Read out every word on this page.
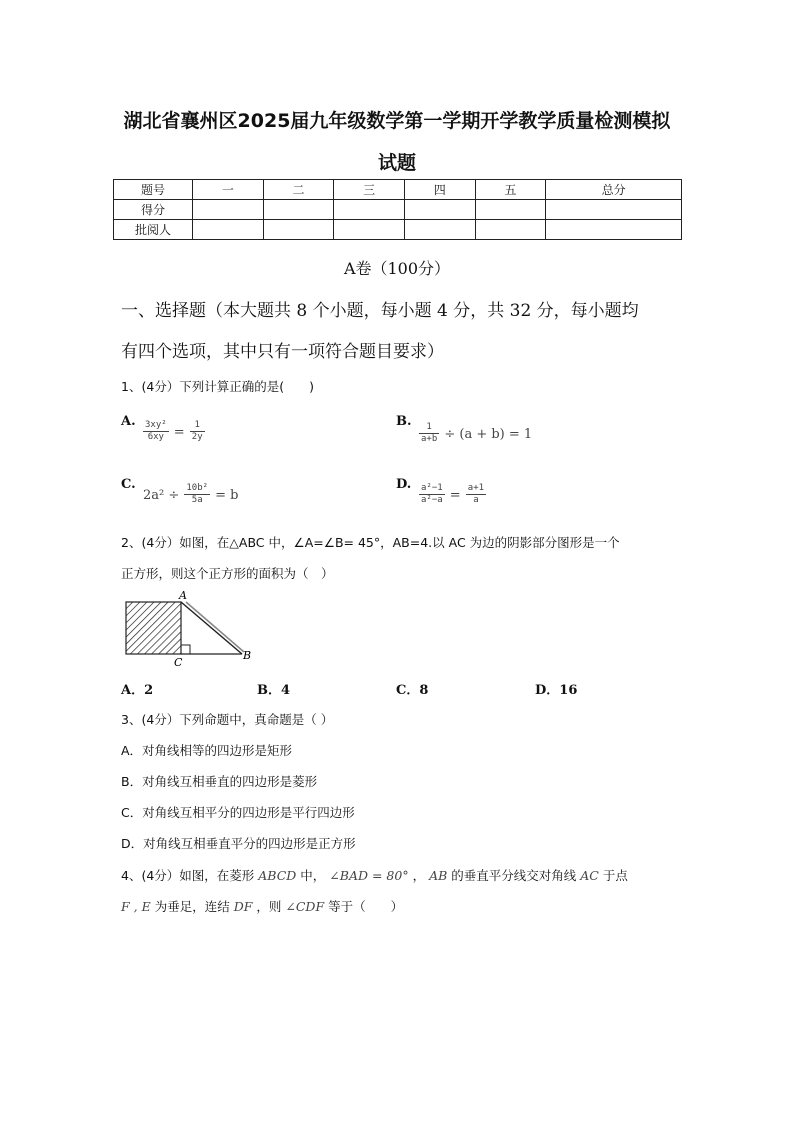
湖北省襄州区2025届九年级数学第一学期开学教学质量检测模拟
试题
题号	一	二	三	四	五	总分
得分						
批阅人						
A卷（100分）
一、选择题（本大题共 8 个小题，每小题 4 分，共 32 分，每小题均
有四个选项，其中只有一项符合题目要求）
1、(4分）下列计算正确的是(　　)
A. $\frac{\text{3xy²}}{6xy} = \frac{1}{2y}$	B.
$\frac{1}{a+b} \div (a + b) = 1$
C.
$2a^2 \div \frac{\text{10b²}}{5a} = b$
D. $\frac{\text{a²−1}}{\text{a²−a}} = \frac{a+1}{a}$
2、(4分）如图，在△ABC 中，∠A=∠B= 45°，AB=4.以 AC 为边的阴影部分图形是一个
正方形，则这个正方形的面积为（　）
A
C
B
A．2	B．4	C．8	D．16
3、(4分）下列命题中，真命题是（ ）
A．对角线相等的四边形是矩形
B．对角线互相垂直的四边形是菱形
C．对角线互相平分的四边形是平行四边形
D．对角线互相垂直平分的四边形是正方形
4、(4分）如图，在菱形 ABCD 中， ∠BAD = 80° ， AB 的垂直平分线交对角线 AC 于点
F , E 为垂足，连结 DF ，则 ∠CDF 等于（　　）
